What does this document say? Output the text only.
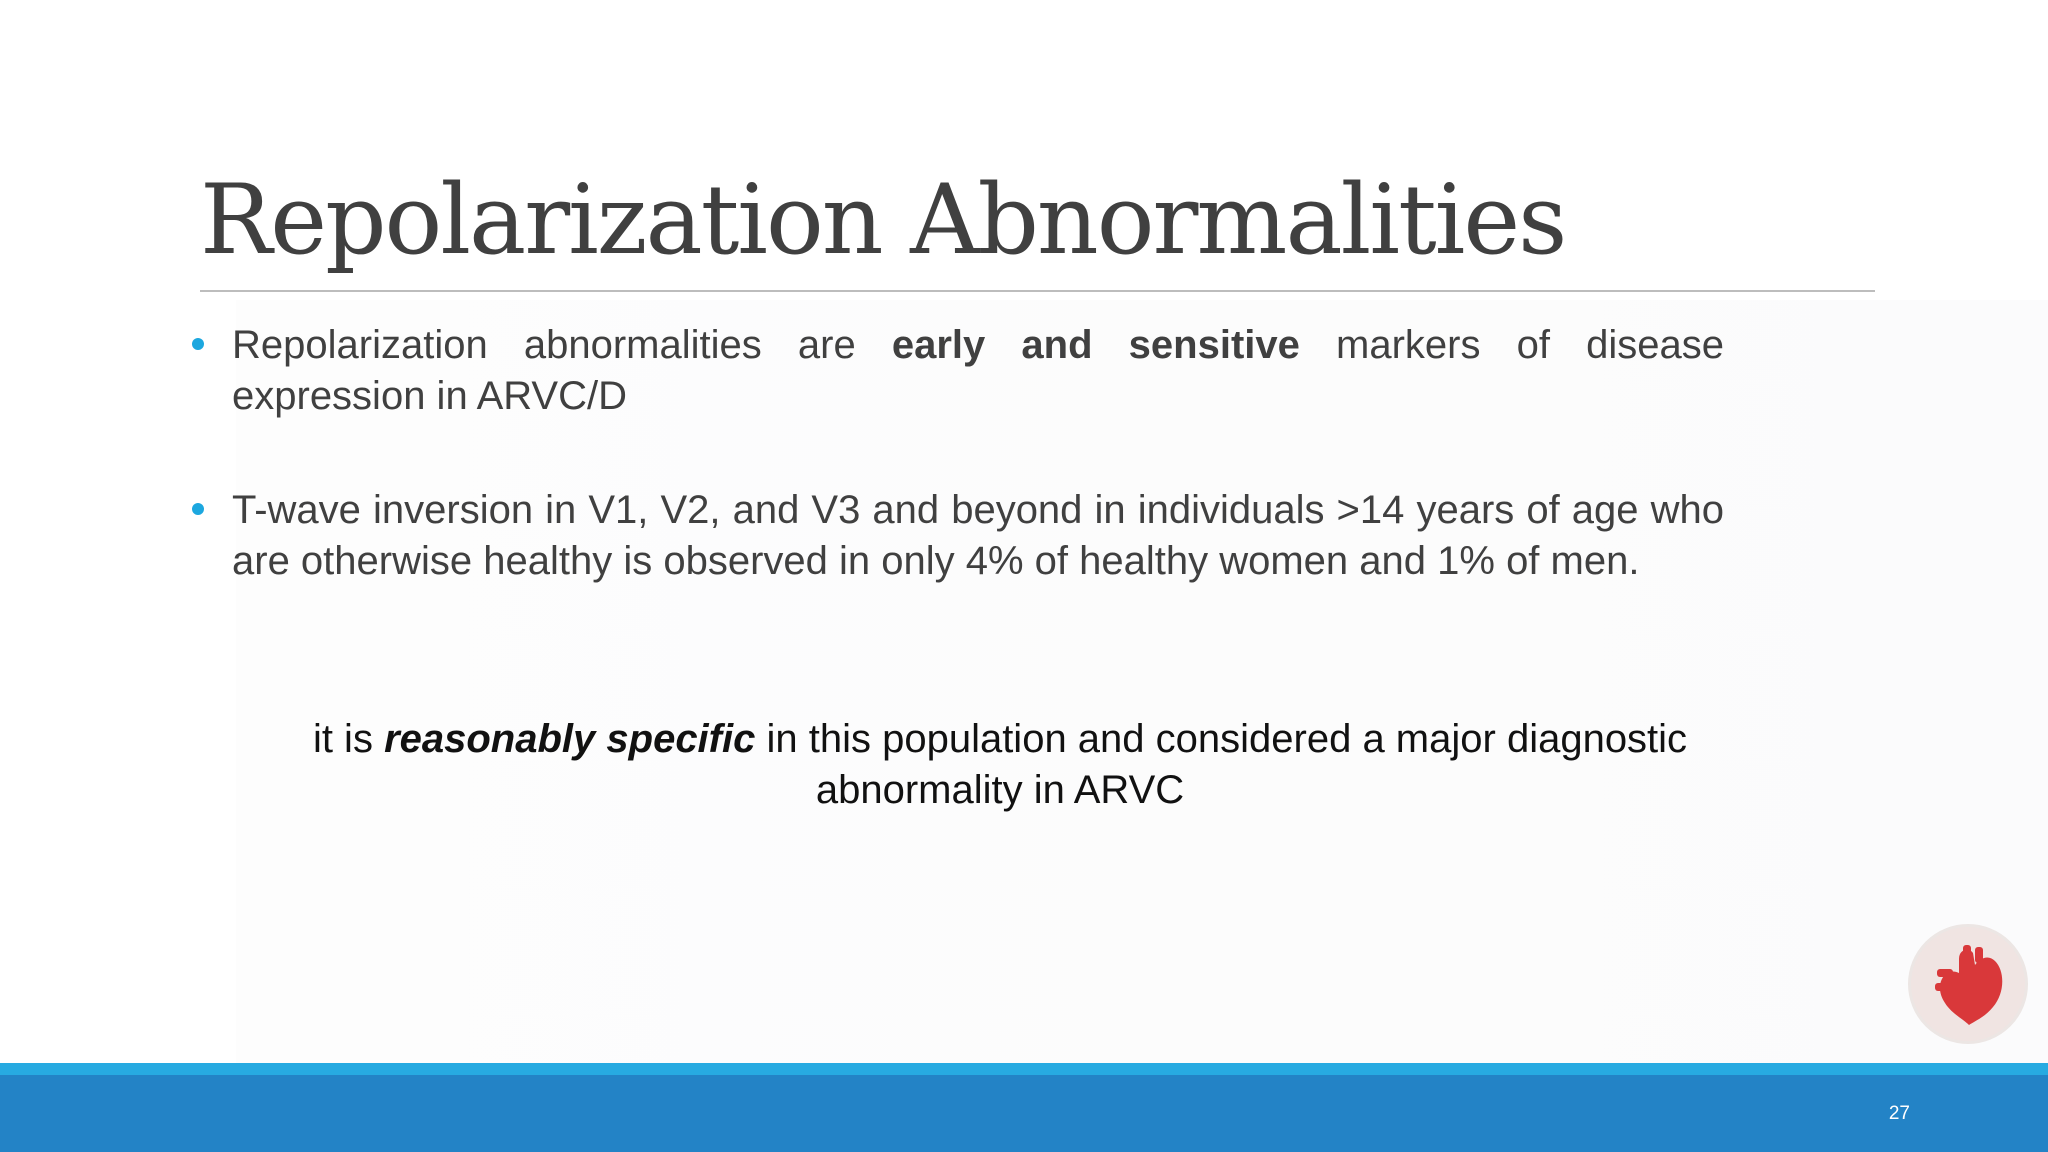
Repolarization Abnormalities

Repolarization abnormalities are early and sensitive markers of disease expression in ARVC/D

T-wave inversion in V1, V2, and V3 and beyond in individuals >14 years of age who are otherwise healthy is observed in only 4% of healthy women and 1% of men.

it is reasonably specific in this population and considered a major diagnostic abnormality in ARVC

27
